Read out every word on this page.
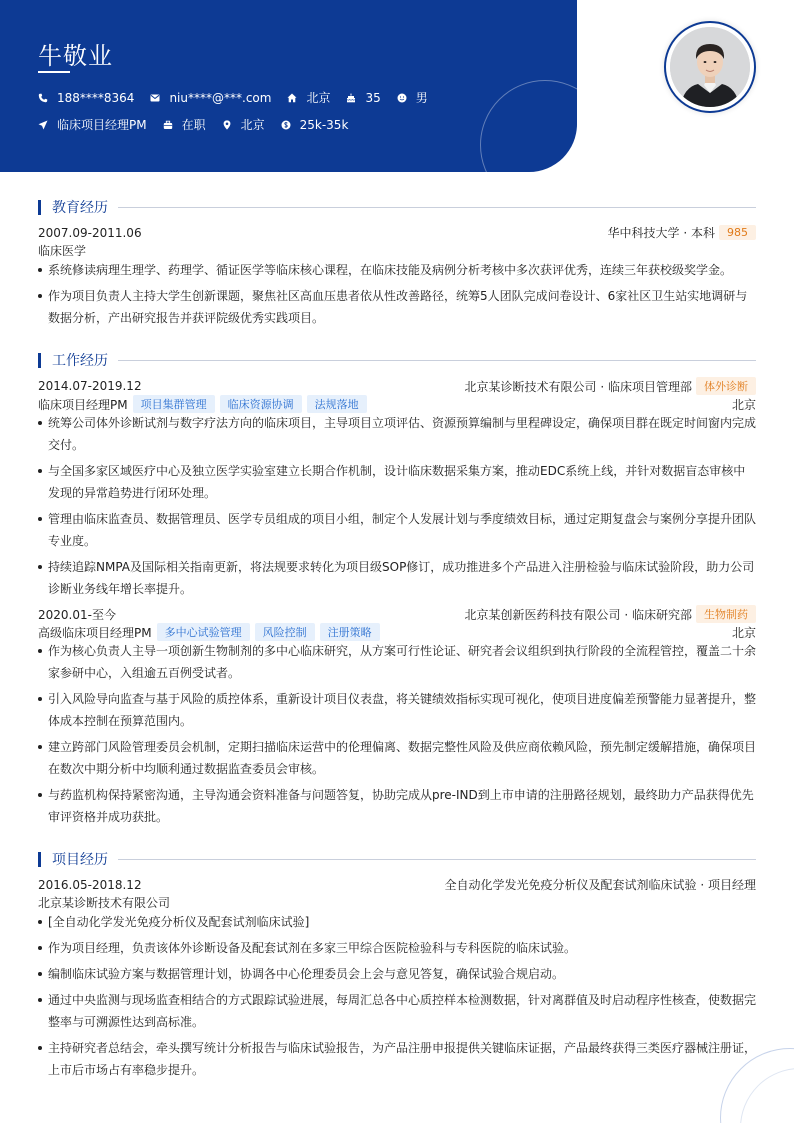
牛敬业
188****8364	niu****@***.com	北京	35	男
临床项目经理PM	在职	北京	25k-35k
教育经历
2007.09-2011.06	华中科技大学 · 本科	985
临床医学
系统修读病理生理学、药理学、循证医学等临床核心课程，在临床技能及病例分析考核中多次获评优秀，连续三年获校级奖学金。
作为项目负责人主持大学生创新课题，聚焦社区高血压患者依从性改善路径，统筹5人团队完成问卷设计、6家社区卫生站实地调研与数据分析，产出研究报告并获评院级优秀实践项目。
工作经历
2014.07-2019.12	北京某诊断技术有限公司 · 临床项目管理部	体外诊断
临床项目经理PM	项目集群管理	临床资源协调	法规落地	北京
统筹公司体外诊断试剂与数字疗法方向的临床项目，主导项目立项评估、资源预算编制与里程碑设定，确保项目群在既定时间窗内完成交付。
与全国多家区域医疗中心及独立医学实验室建立长期合作机制，设计临床数据采集方案，推动EDC系统上线，并针对数据盲态审核中发现的异常趋势进行闭环处理。
管理由临床监查员、数据管理员、医学专员组成的项目小组，制定个人发展计划与季度绩效目标，通过定期复盘会与案例分享提升团队专业度。
持续追踪NMPA及国际相关指南更新，将法规要求转化为项目级SOP修订，成功推进多个产品进入注册检验与临床试验阶段，助力公司诊断业务线年增长率提升。
2020.01-至今	北京某创新医药科技有限公司 · 临床研究部	生物制药
高级临床项目经理PM	多中心试验管理	风险控制	注册策略	北京
作为核心负责人主导一项创新生物制剂的多中心临床研究，从方案可行性论证、研究者会议组织到执行阶段的全流程管控，覆盖二十余家参研中心，入组逾五百例受试者。
引入风险导向监查与基于风险的质控体系，重新设计项目仪表盘，将关键绩效指标实现可视化，使项目进度偏差预警能力显著提升，整体成本控制在预算范围内。
建立跨部门风险管理委员会机制，定期扫描临床运营中的伦理偏离、数据完整性风险及供应商依赖风险，预先制定缓解措施，确保项目在数次中期分析中均顺利通过数据监查委员会审核。
与药监机构保持紧密沟通，主导沟通会资料准备与问题答复，协助完成从pre-IND到上市申请的注册路径规划，最终助力产品获得优先审评资格并成功获批。
项目经历
2016.05-2018.12	全自动化学发光免疫分析仪及配套试剂临床试验 · 项目经理
北京某诊断技术有限公司
[全自动化学发光免疫分析仪及配套试剂临床试验]
作为项目经理，负责该体外诊断设备及配套试剂在多家三甲综合医院检验科与专科医院的临床试验。
编制临床试验方案与数据管理计划，协调各中心伦理委员会上会与意见答复，确保试验合规启动。
通过中央监测与现场监查相结合的方式跟踪试验进展，每周汇总各中心质控样本检测数据，针对离群值及时启动程序性核查，使数据完整率与可溯源性达到高标准。
主持研究者总结会，牵头撰写统计分析报告与临床试验报告，为产品注册申报提供关键临床证据，产品最终获得三类医疗器械注册证，上市后市场占有率稳步提升。
